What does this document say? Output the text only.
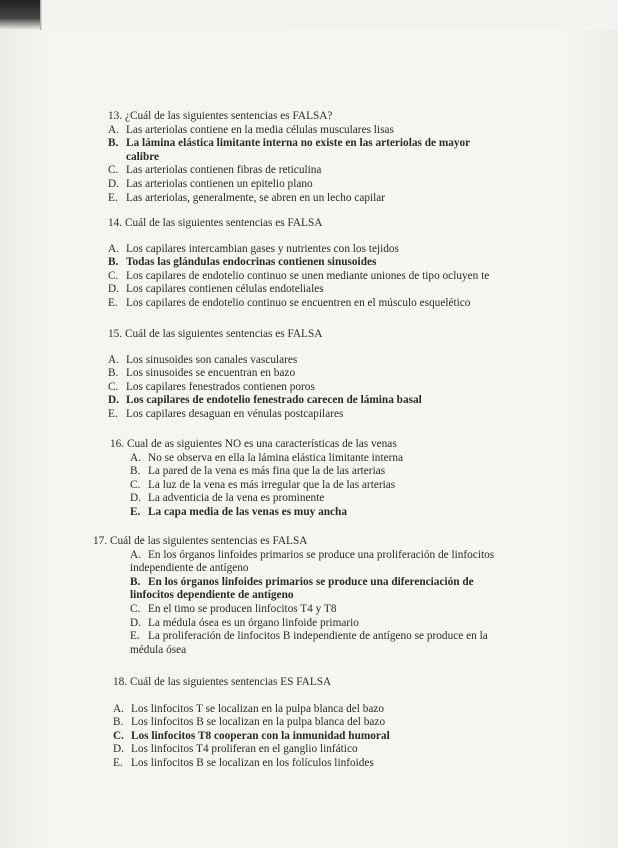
13. ¿Cuál de las siguientes sentencias es FALSA?
A. Las arteriolas contiene en la media células musculares lisas
B. La lámina elástica limitante interna no existe en las arteriolas de mayor
calibre
C. Las arteriolas contienen fibras de reticulina
D. Las arteriolas contienen un epitelio plano
E. Las arteriolas, generalmente, se abren en un lecho capilar
14. Cuál de las siguientes sentencias es FALSA
A. Los capilares intercambian gases y nutrientes con los tejidos
B. Todas las glándulas endocrinas contienen sinusoides
C. Los capilares de endotelio continuo se unen mediante uniones de tipo ocluyen te
D. Los capilares contienen células endoteliales
E. Los capilares de endotelio continuo se encuentren en el músculo esquelético
15. Cuál de las siguientes sentencias es FALSA
A. Los sinusoides son canales vasculares
B. Los sinusoides se encuentran en bazo
C. Los capilares fenestrados contienen poros
D. Los capilares de endotelio fenestrado carecen de lámina basal
E. Los capilares desaguan en vénulas postcapilares
16. Cual de as siguientes NO es una características de las venas
A. No se observa en ella la lámina elástica limitante interna
B. La pared de la vena es más fina que la de las arterias
C. La luz de la vena es más irregular que la de las arterias
D. La adventicia de la vena es prominente
E. La capa media de las venas es muy ancha
17. Cuál de las siguientes sentencias es FALSA
A. En los órganos linfoides primarios se produce una proliferación de linfocitos
independiente de antígeno
B. En los órganos linfoides primarios se produce una diferenciación de
linfocitos dependiente de antígeno
C. En el timo se producen linfocitos T4 y T8
D. La médula ósea es un órgano linfoide primario
E. La proliferación de linfocitos B independiente de antígeno se produce en la
médula ósea
18. Cuál de las siguientes sentencias ES FALSA
A. Los linfocitos T se localizan en la pulpa blanca del bazo
B. Los linfocitos B se localizan en la pulpa blanca del bazo
C. Los linfocitos T8 cooperan con la inmunidad humoral
D. Los linfocitos T4 proliferan en el ganglio linfático
E. Los linfocitos B se localizan en los folículos linfoides
